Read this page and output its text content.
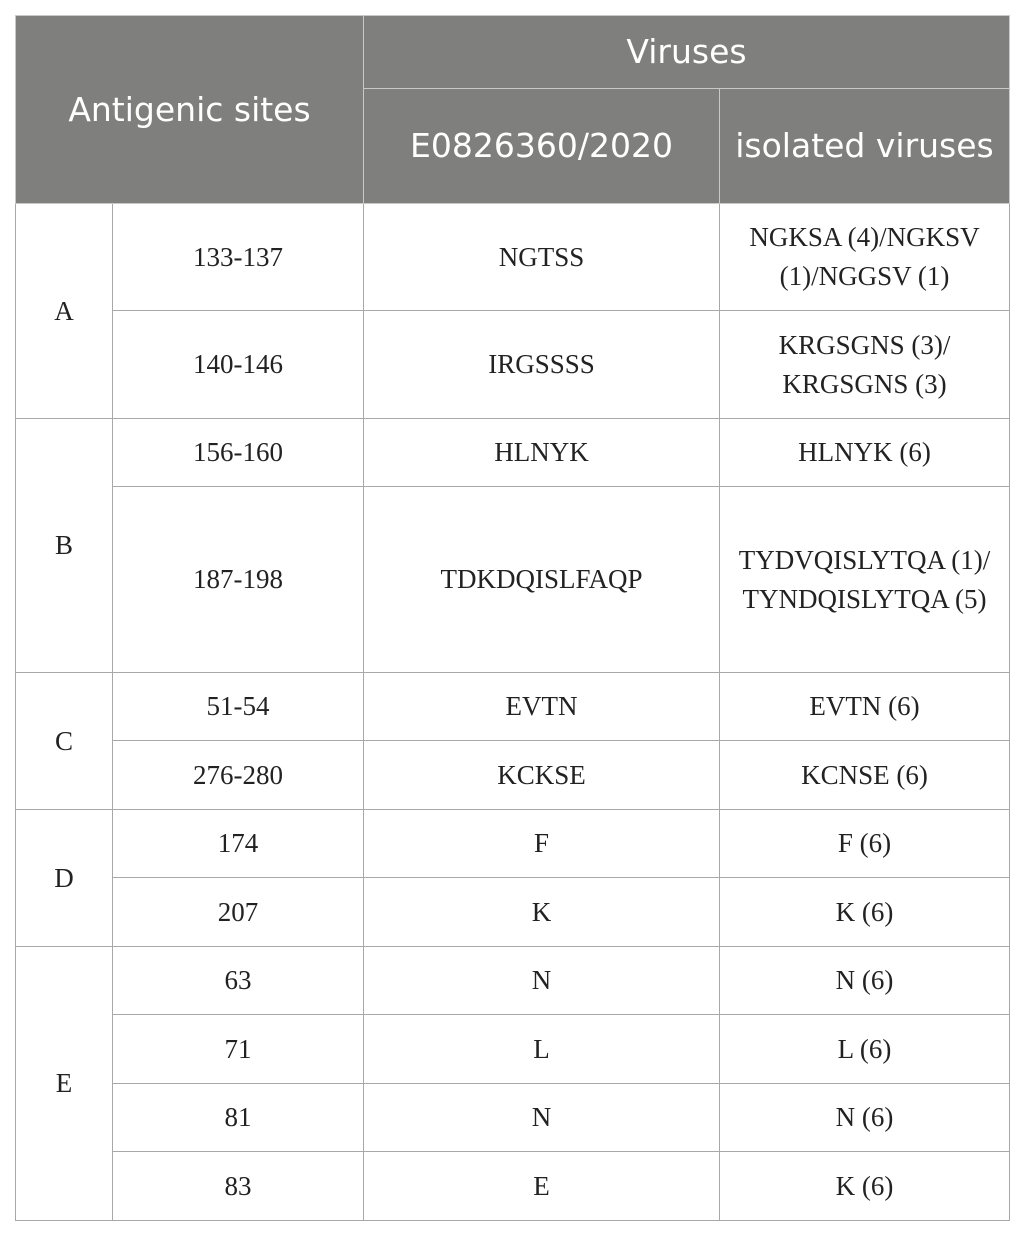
Antigenic sites		Viruses	
		E0826360/2020	isolated viruses
A	133-137	NGTSS	NGKSA (4)/NGKSV (1)/NGGSV (1)
	140-146	IRGSSSS	KRGSGNS (3)/ KRGSGNS (3)
B	156-160	HLNYK	HLNYK (6)
	187-198	TDKDQISLFAQP	TYDVQISLYTQA (1)/ TYNDQISLYTQA (5)
C	51-54	EVTN	EVTN (6)
	276-280	KCKSE	KCNSE (6)
D	174	F	F (6)
	207	K	K (6)
E	63	N	N (6)
	71	L	L (6)
	81	N	N (6)
	83	E	K (6)
